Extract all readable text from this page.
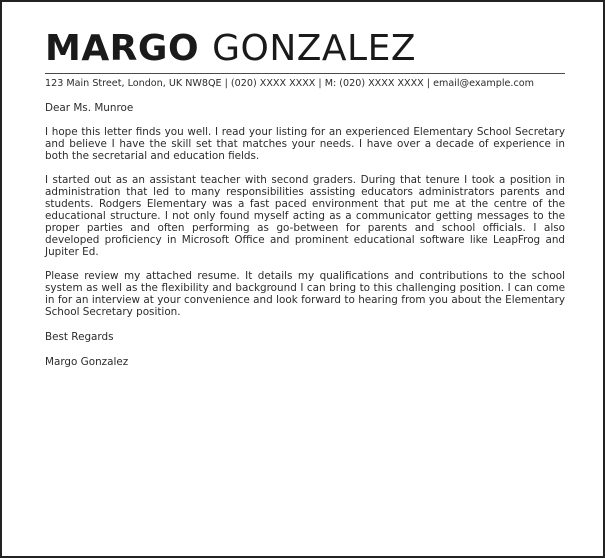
MARGO GONZALEZ
123 Main Street, London, UK NW8QE | (020) XXXX XXXX | M: (020) XXXX XXXX | email@example.com
Dear Ms. Munroe
I hope this letter finds you well. I read your listing for an experienced Elementary School Secretary and believe I have the skill set that matches your needs. I have over a decade of experience in both the secretarial and education fields.
I started out as an assistant teacher with second graders. During that tenure I took a position in administration that led to many responsibilities assisting educators administrators parents and students. Rodgers Elementary was a fast paced environment that put me at the centre of the educational structure. I not only found myself acting as a communicator getting messages to the proper parties and often performing as go-between for parents and school officials. I also developed proficiency in Microsoft Office and prominent educational software like LeapFrog and Jupiter Ed.
Please review my attached resume. It details my qualifications and contributions to the school system as well as the flexibility and background I can bring to this challenging position. I can come in for an interview at your convenience and look forward to hearing from you about the Elementary School Secretary position.
Best Regards
Margo Gonzalez
